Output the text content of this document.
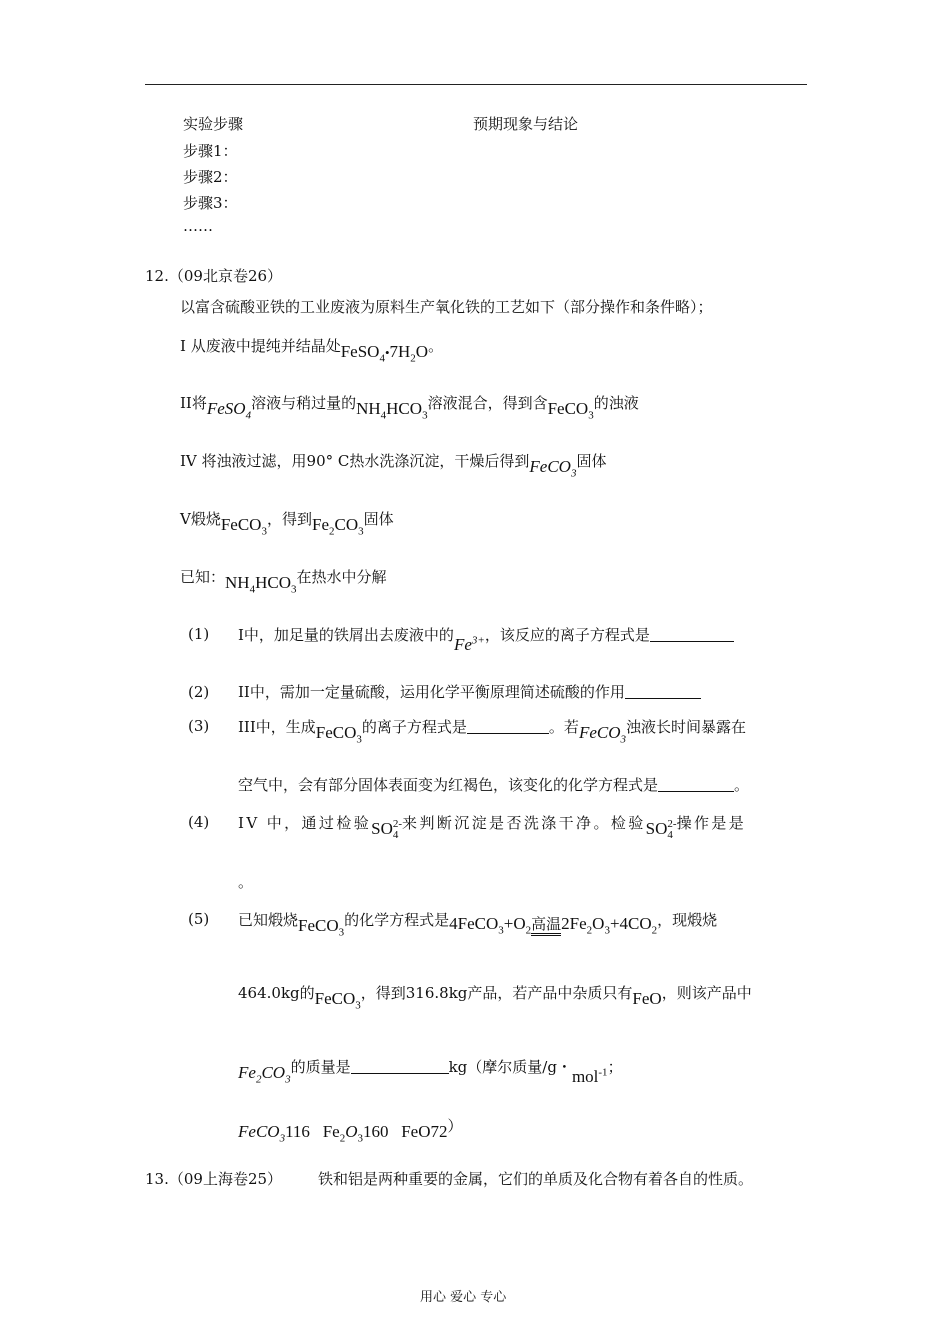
实验步骤	预期现象与结论
步骤1：
步骤2：
步骤3：
……
12.（09北京卷26）
以富含硫酸亚铁的工业废液为原料生产氧化铁的工艺如下（部分操作和条件略）；
I 从废液中提纯并结晶处$FeSO_4•7H_2O$。
II将FeSO$_4$溶液与稍过量的$NH_4HCO_3$溶液混合，得到含FeCO$_3$的浊液
IV 将浊液过滤，用90° C热水洗涤沉淀，干燥后得到FeCO$_3$固体
V煅烧FeCO$_3$，得到$Fe_2CO_3$固体
已知：$NH_4HCO_3$在热水中分解
(1) I中，加足量的铁屑出去废液中的$Fe^{3+}$，该反应的离子方程式是
(2) II中，需加一定量硫酸，运用化学平衡原理简述硫酸的作用
(3) III中，生成FeCO$_3$的离子方程式是	。若FeCO$_3$浊液长时间暴露在
空气中，会有部分固体表面变为红褐色，该变化的化学方程式是	。
(4) IV 中，通过检验SO 2-
4
来判断沉淀是否洗涤干净。检验SO 2-
4
操作是是
。
(5) 已知煅烧FeCO$_3$的化学方程式是$4FeCO_3+O_2$高温$2Fe_2O_3+4CO_2$，现煅烧
464.0kg的FeCO$_3$，得到316.8kg产品，若产品中杂质只有FeO，则该产品中
$Fe_2CO_3$的质量是	kg（摩尔质量/g・mol$^{-1}$；
FeCO$_3$116 $Fe_2O_3160$ FeO72）
13.（09上海卷25） 铁和铝是两种重要的金属，它们的单质及化合物有着各自的性质。
用心 爱心 专心
